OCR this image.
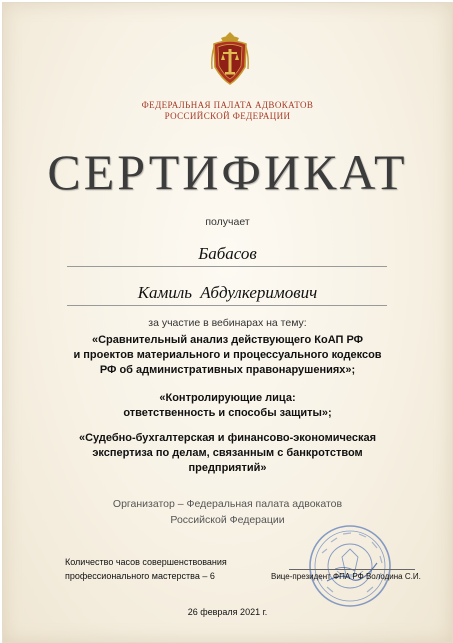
ФЕДЕРАЛЬНАЯ ПАЛАТА АДВОКАТОВ
РОССИЙСКОЙ ФЕДЕРАЦИИ
СЕРТИФИКАТ
получает
Бабасов
Камиль Абдулкеримович
за участие в вебинарах на тему:
«Сравнительный анализ действующего КоАП РФ
и проектов материального и процессуального кодексов
РФ об административных правонарушениях»;
«Контролирующие лица:
ответственность и способы защиты»;
«Судебно-бухгалтерская и финансово-экономическая
экспертиза по делам, связанным с банкротством
предприятий»
Организатор – Федеральная палата адвокатов
Российской Федерации
Количество часов совершенствования
профессионального мастерства – 6	Вице-президент ФПА РФ Володина С.И.
26 февраля 2021 г.
